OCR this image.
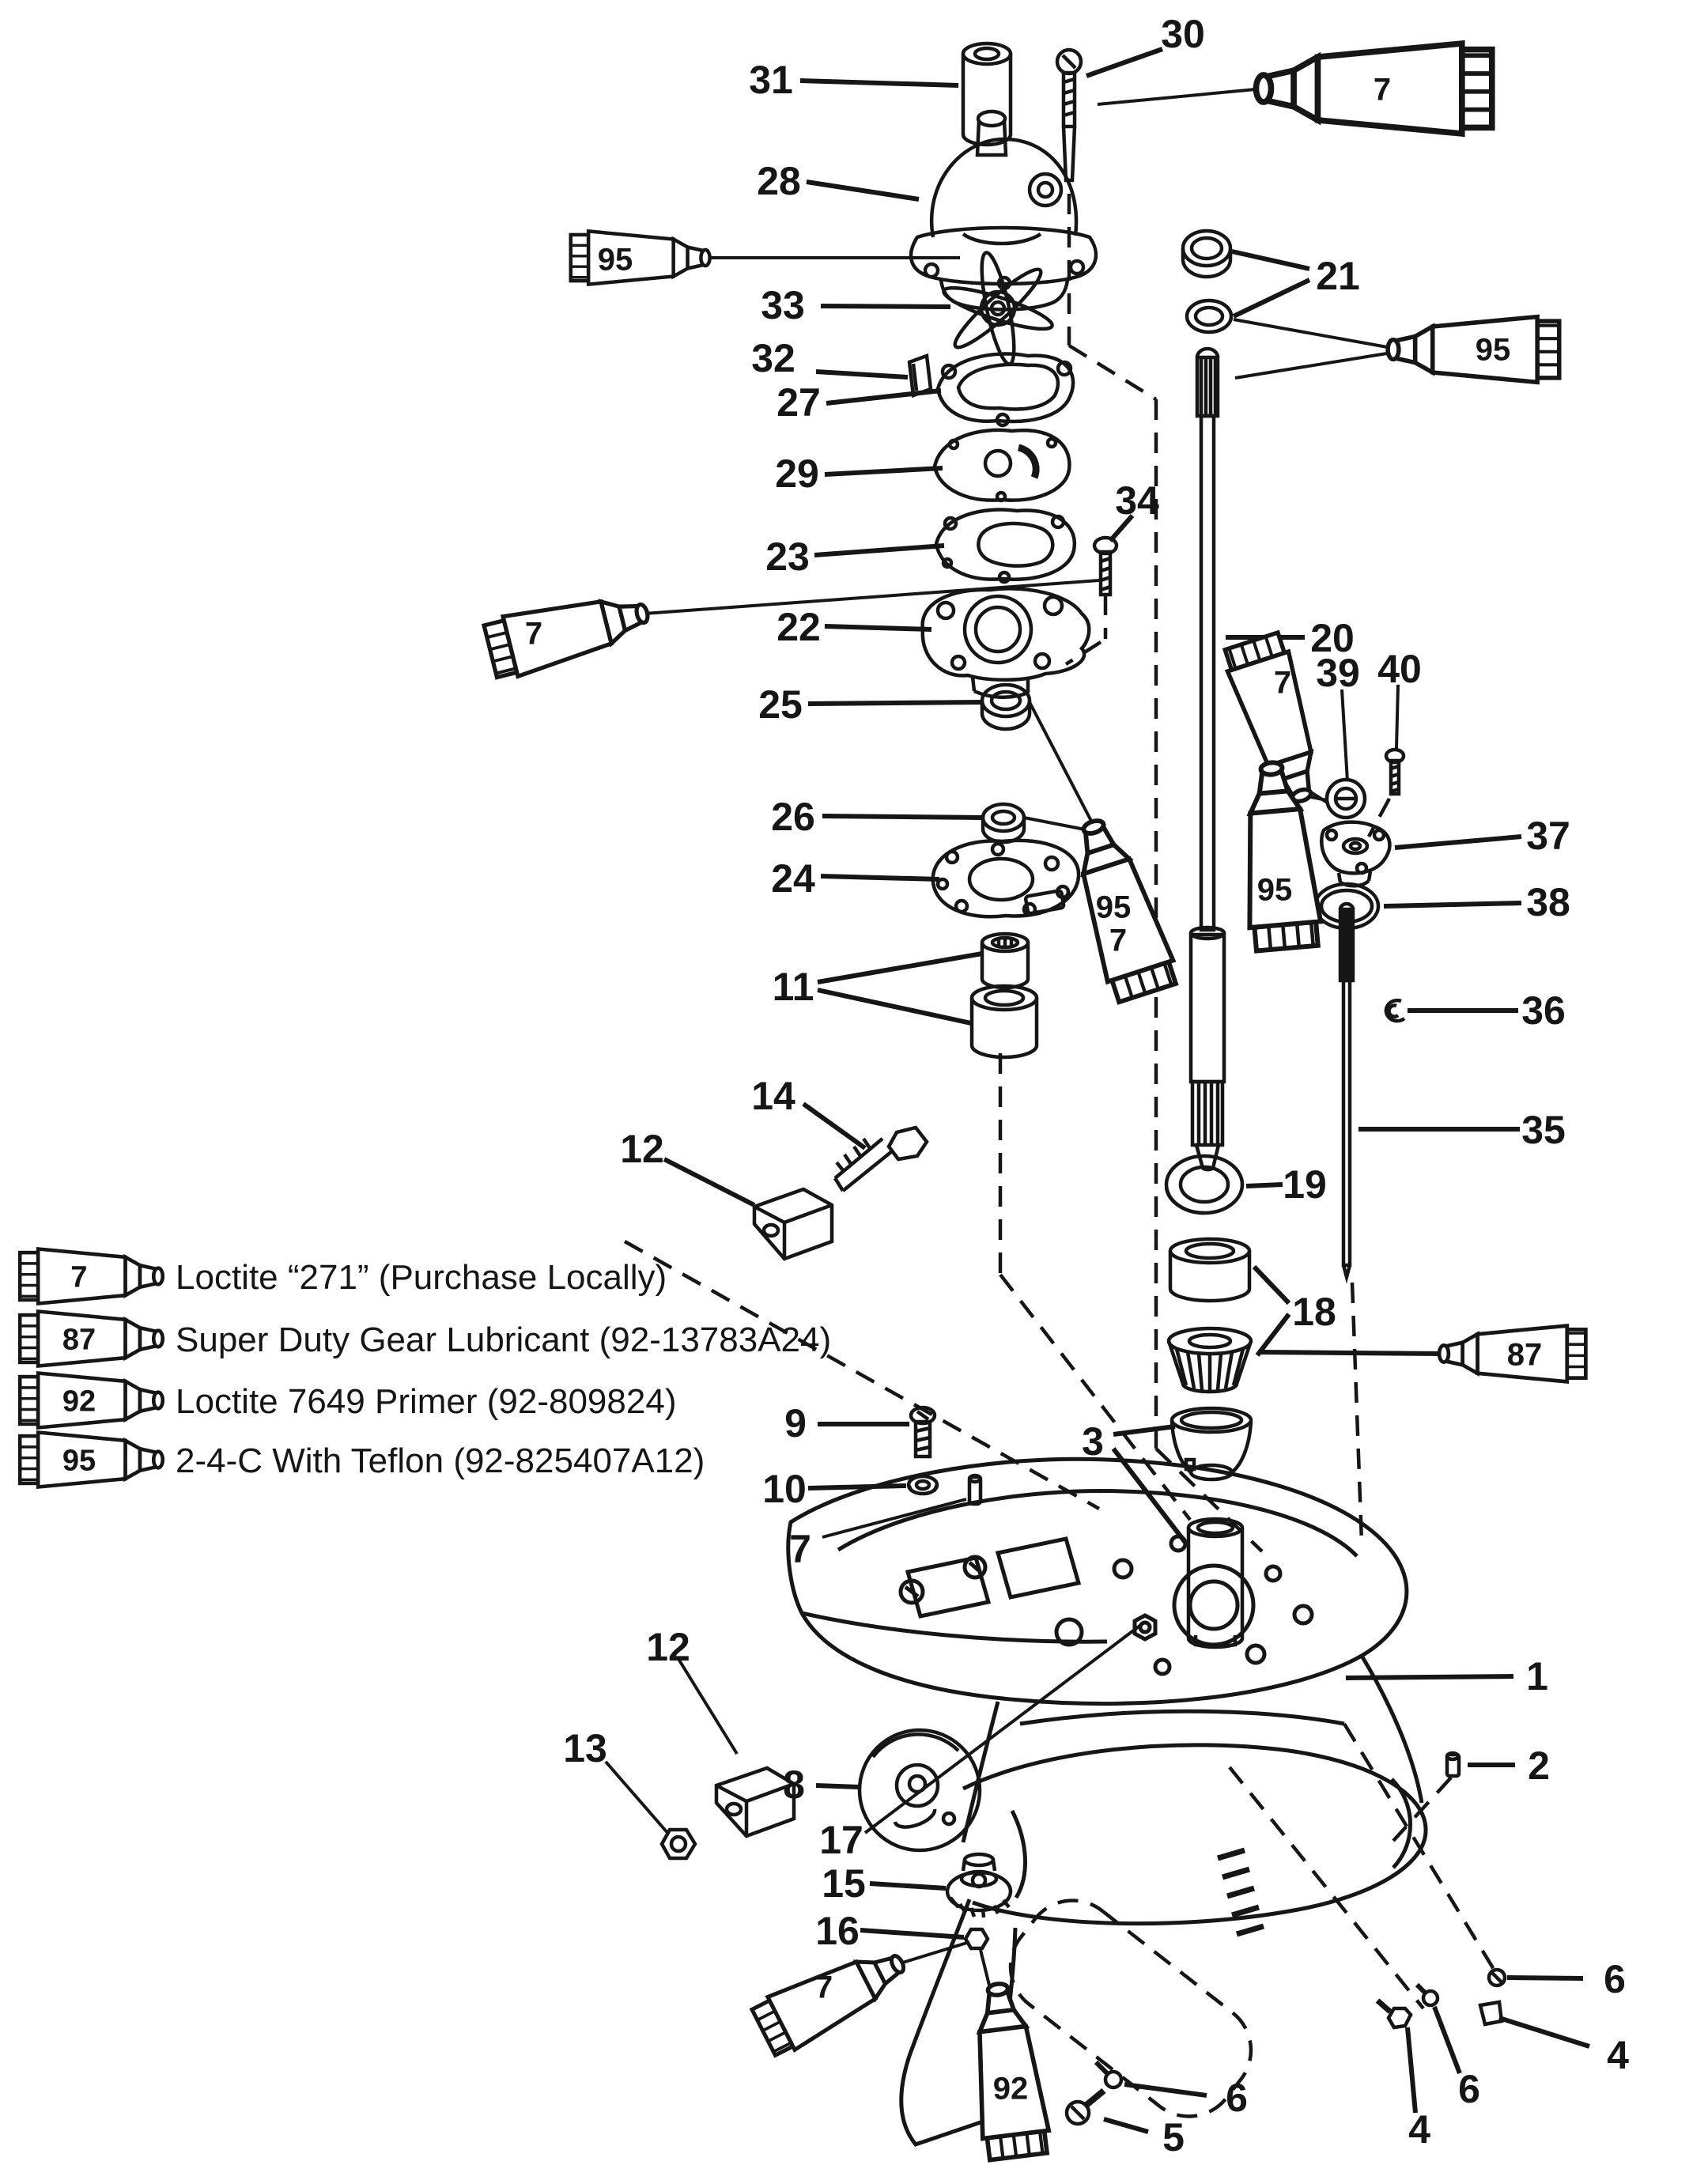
7	Loctite “271” (Purchase Locally)
87 Super Duty Gear Lubricant (92-13783A24)
92 Loctite 7649 Primer (92-809824)
95 2-4-C With Teflon (92-825407A12)
31
30
28
33
32
27
29
34
23
22
25
26
24
11
14
12
21
20
39 40
37
38
36
35
19
18
3
9
10
7
12
13
8
17
15
16
1
2
6
4
6
4
6
5
7
95
7
95
7
95
95
7
87
7
92
